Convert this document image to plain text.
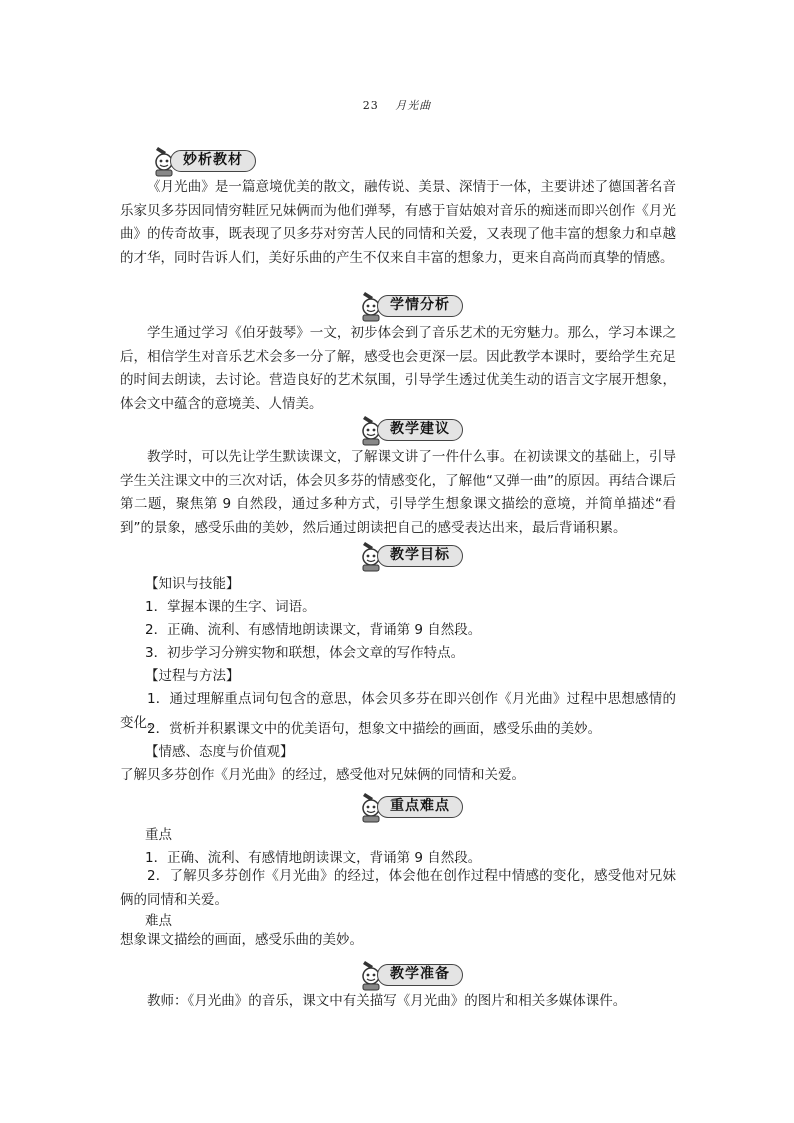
23 月光曲
妙析教材

《月光曲》是一篇意境优美的散文，融传说、美景、深情于一体，主要讲述了德国著名音乐家贝多芬因同情穷鞋匠兄妹俩而为他们弹琴，有感于盲姑娘对音乐的痴迷而即兴创作《月光曲》的传奇故事，既表现了贝多芬对穷苦人民的同情和关爱，又表现了他丰富的想象力和卓越的才华，同时告诉人们，美好乐曲的产生不仅来自丰富的想象力，更来自高尚而真挚的情感。

学情分析

学生通过学习《伯牙鼓琴》一文，初步体会到了音乐艺术的无穷魅力。那么，学习本课之后，相信学生对音乐艺术会多一分了解，感受也会更深一层。因此教学本课时，要给学生充足的时间去朗读，去讨论。营造良好的艺术氛围，引导学生透过优美生动的语言文字展开想象，体会文中蕴含的意境美、人情美。

教学建议

教学时，可以先让学生默读课文，了解课文讲了一件什么事。在初读课文的基础上，引导学生关注课文中的三次对话，体会贝多芬的情感变化，了解他“又弹一曲”的原因。再结合课后第二题，聚焦第 9 自然段，通过多种方式，引导学生想象课文描绘的意境，并简单描述“看到”的景象，感受乐曲的美妙，然后通过朗读把自己的感受表达出来，最后背诵积累。

教学目标

【知识与技能】

1．掌握本课的生字、词语。

2．正确、流利、有感情地朗读课文，背诵第 9 自然段。

3．初步学习分辨实物和联想，体会文章的写作特点。

【过程与方法】

1．通过理解重点词句包含的意思，体会贝多芬在即兴创作《月光曲》过程中思想感情的变化。

2．赏析并积累课文中的优美语句，想象文中描绘的画面，感受乐曲的美妙。

【情感、态度与价值观】

了解贝多芬创作《月光曲》的经过，感受他对兄妹俩的同情和关爱。

重点难点

重点

1．正确、流利、有感情地朗读课文，背诵第 9 自然段。

2．了解贝多芬创作《月光曲》的经过，体会他在创作过程中情感的变化，感受他对兄妹俩的同情和关爱。

难点

想象课文描绘的画面，感受乐曲的美妙。

教学准备

教师：《月光曲》的音乐，课文中有关描写《月光曲》的图片和相关多媒体课件。
